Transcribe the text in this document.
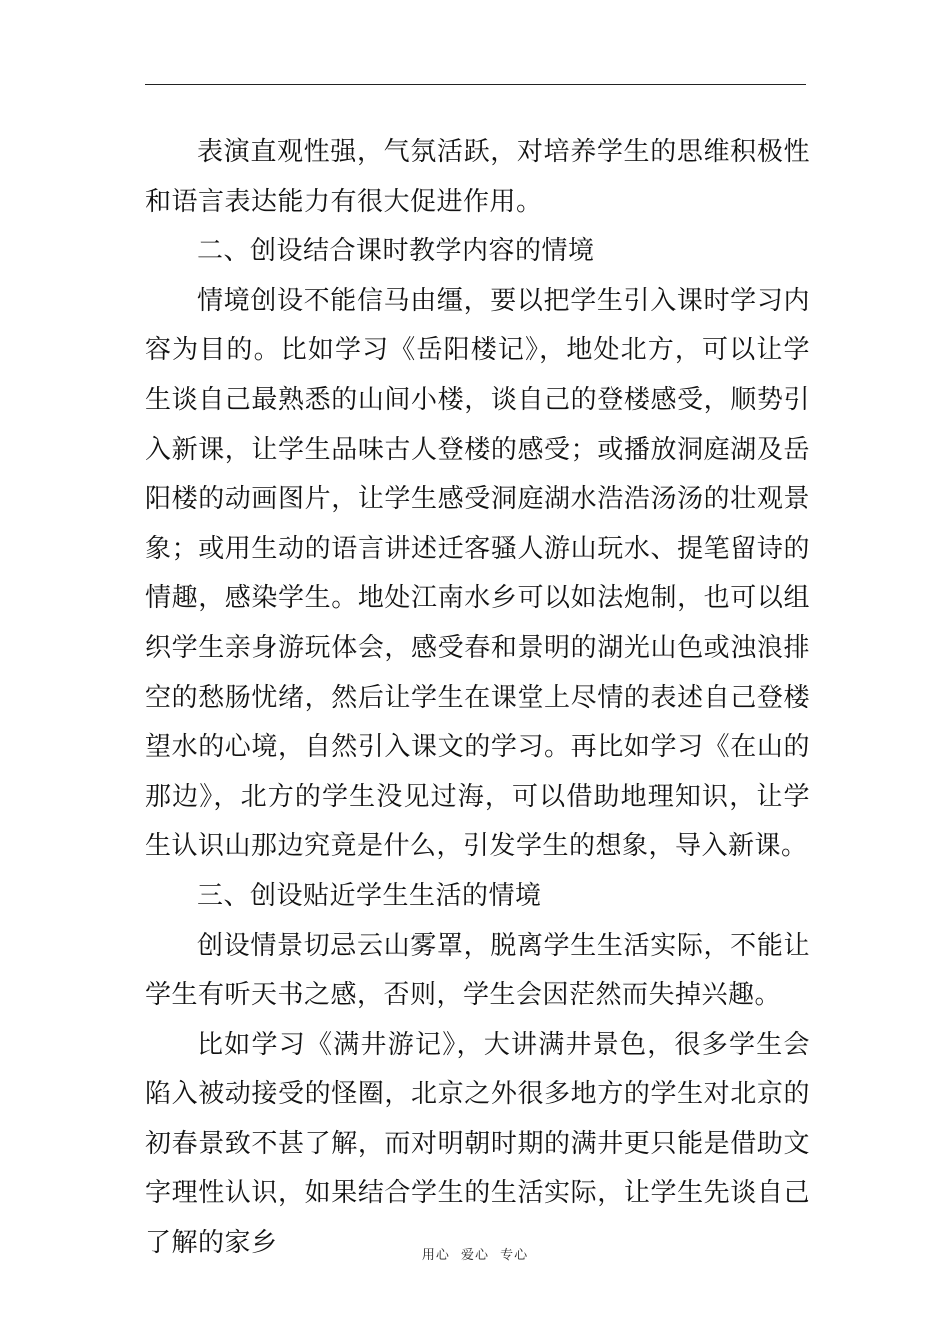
表演直观性强，气氛活跃，对培养学生的思维积极性和语言表达能力有很大促进作用。

二、创设结合课时教学内容的情境

情境创设不能信马由缰，要以把学生引入课时学习内容为目的。比如学习《岳阳楼记》，地处北方，可以让学生谈自己最熟悉的山间小楼，谈自己的登楼感受，顺势引入新课，让学生品味古人登楼的感受；或播放洞庭湖及岳阳楼的动画图片，让学生感受洞庭湖水浩浩汤汤的壮观景象；或用生动的语言讲述迁客骚人游山玩水、提笔留诗的情趣，感染学生。地处江南水乡可以如法炮制，也可以组织学生亲身游玩体会，感受春和景明的湖光山色或浊浪排空的愁肠忧绪，然后让学生在课堂上尽情的表述自己登楼望水的心境，自然引入课文的学习。再比如学习《在山的那边》，北方的学生没见过海，可以借助地理知识，让学生认识山那边究竟是什么，引发学生的想象，导入新课。

三、创设贴近学生生活的情境

创设情景切忌云山雾罩，脱离学生生活实际，不能让学生有听天书之感，否则，学生会因茫然而失掉兴趣。

比如学习《满井游记》，大讲满井景色，很多学生会陷入被动接受的怪圈，北京之外很多地方的学生对北京的初春景致不甚了解，而对明朝时期的满井更只能是借助文字理性认识，如果结合学生的生活实际，让学生先谈自己了解的家乡	用心 爱心 专心
